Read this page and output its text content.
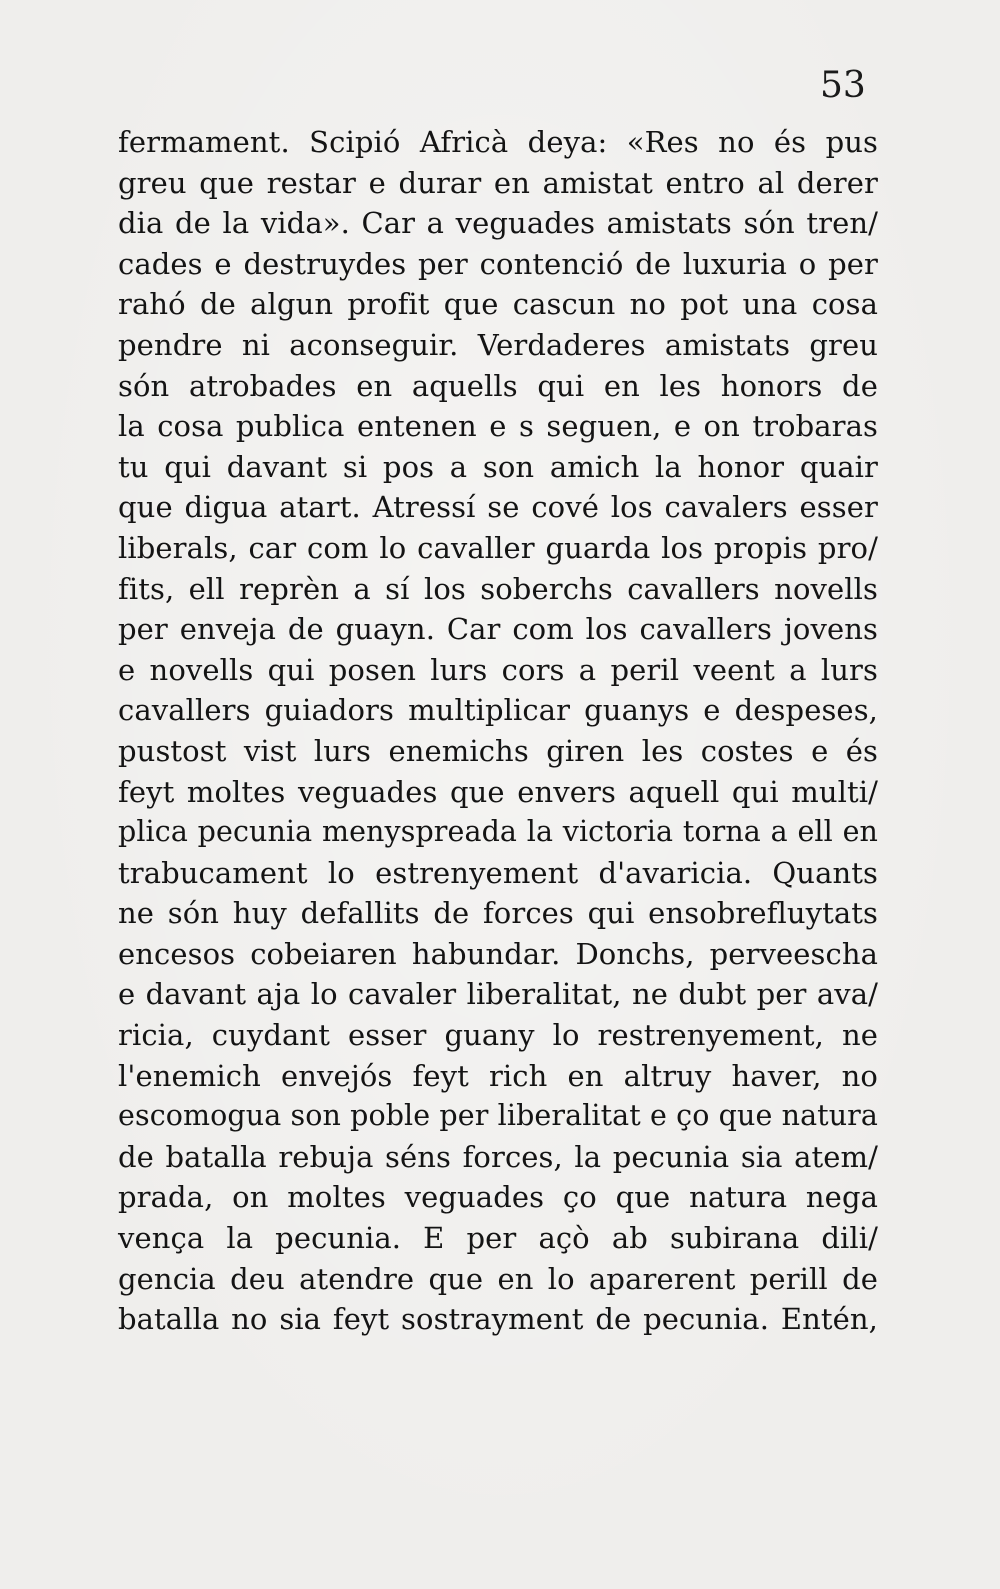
53
fermament. Scipió Africà deya: «Res no és pus
greu que restar e durar en amistat entro al derer
dia de la vida». Car a veguades amistats són tren/
cades e destruydes per contenció de luxuria o per
rahó de algun profit que cascun no pot una cosa
pendre ni aconseguir. Verdaderes amistats greu
són atrobades en aquells qui en les honors de
la cosa publica entenen e s seguen, e on trobaras
tu qui davant si pos a son amich la honor quair
que digua atart. Atressí se cové los cavalers esser
liberals, car com lo cavaller guarda los propis pro/
fits, ell reprèn a sí los soberchs cavallers novells
per enveja de guayn. Car com los cavallers jovens
e novells qui posen lurs cors a peril veent a lurs
cavallers guiadors multiplicar guanys e despeses,
pustost vist lurs enemichs giren les costes e és
feyt moltes veguades que envers aquell qui multi/
plica pecunia menyspreada la victoria torna a ell en
trabucament lo estrenyement d'avaricia. Quants
ne són huy defallits de forces qui ensobrefluytats
encesos cobeiaren habundar. Donchs, perveescha
e davant aja lo cavaler liberalitat, ne dubt per ava/
ricia, cuydant esser guany lo restrenyement, ne
l'enemich envejós feyt rich en altruy haver, no
escomogua son poble per liberalitat e ço que natura
de batalla rebuja séns forces, la pecunia sia atem/
prada, on moltes veguades ço que natura nega
vença la pecunia. E per açò ab subirana dili/
gencia deu atendre que en lo aparerent perill de
batalla no sia feyt sostrayment de pecunia. Entén,
